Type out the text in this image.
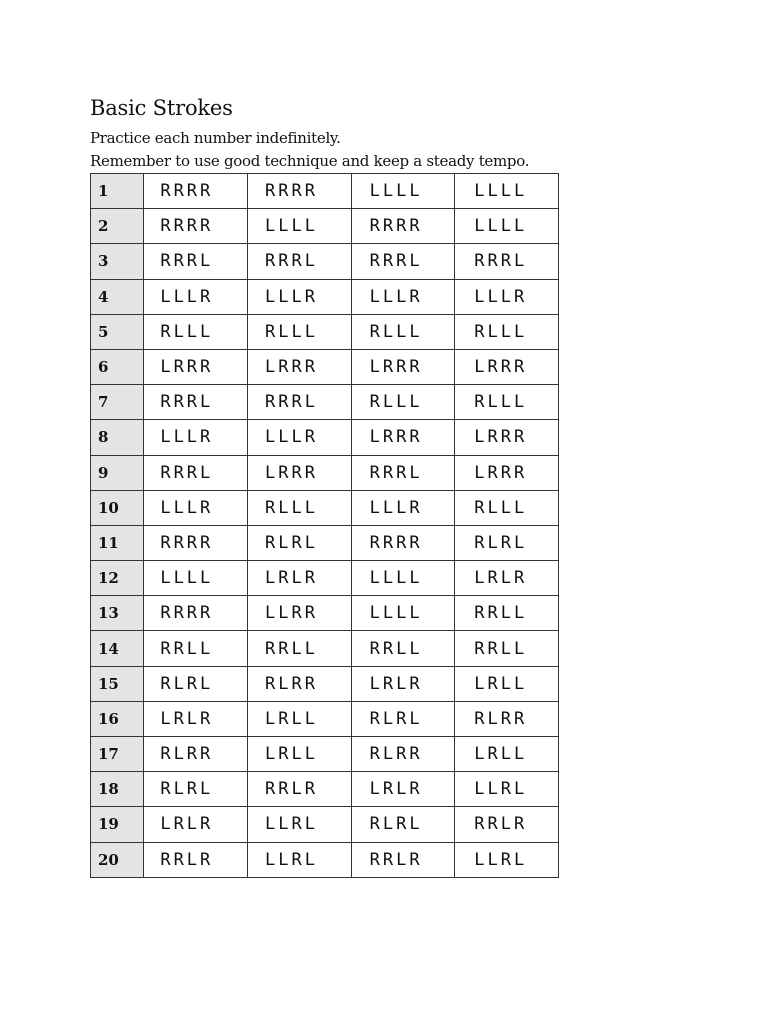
Basic Strokes

Practice each number indefinitely.

Remember to use good technique and keep a steady tempo.

1	RRRR	RRRR	LLLL	LLLL
2	RRRR	LLLL	RRRR	LLLL
3	RRRL	RRRL	RRRL	RRRL
4	LLLR	LLLR	LLLR	LLLR
5	RLLL	RLLL	RLLL	RLLL
6	LRRR	LRRR	LRRR	LRRR
7	RRRL	RRRL	RLLL	RLLL
8	LLLR	LLLR	LRRR	LRRR
9	RRRL	LRRR	RRRL	LRRR
10	LLLR	RLLL	LLLR	RLLL
11	RRRR	RLRL	RRRR	RLRL
12	LLLL	LRLR	LLLL	LRLR
13	RRRR	LLRR	LLLL	RRLL
14	RRLL	RRLL	RRLL	RRLL
15	RLRL	RLRR	LRLR	LRLL
16	LRLR	LRLL	RLRL	RLRR
17	RLRR	LRLL	RLRR	LRLL
18	RLRL	RRLR	LRLR	LLRL
19	LRLR	LLRL	RLRL	RRLR
20	RRLR	LLRL	RRLR	LLRL
